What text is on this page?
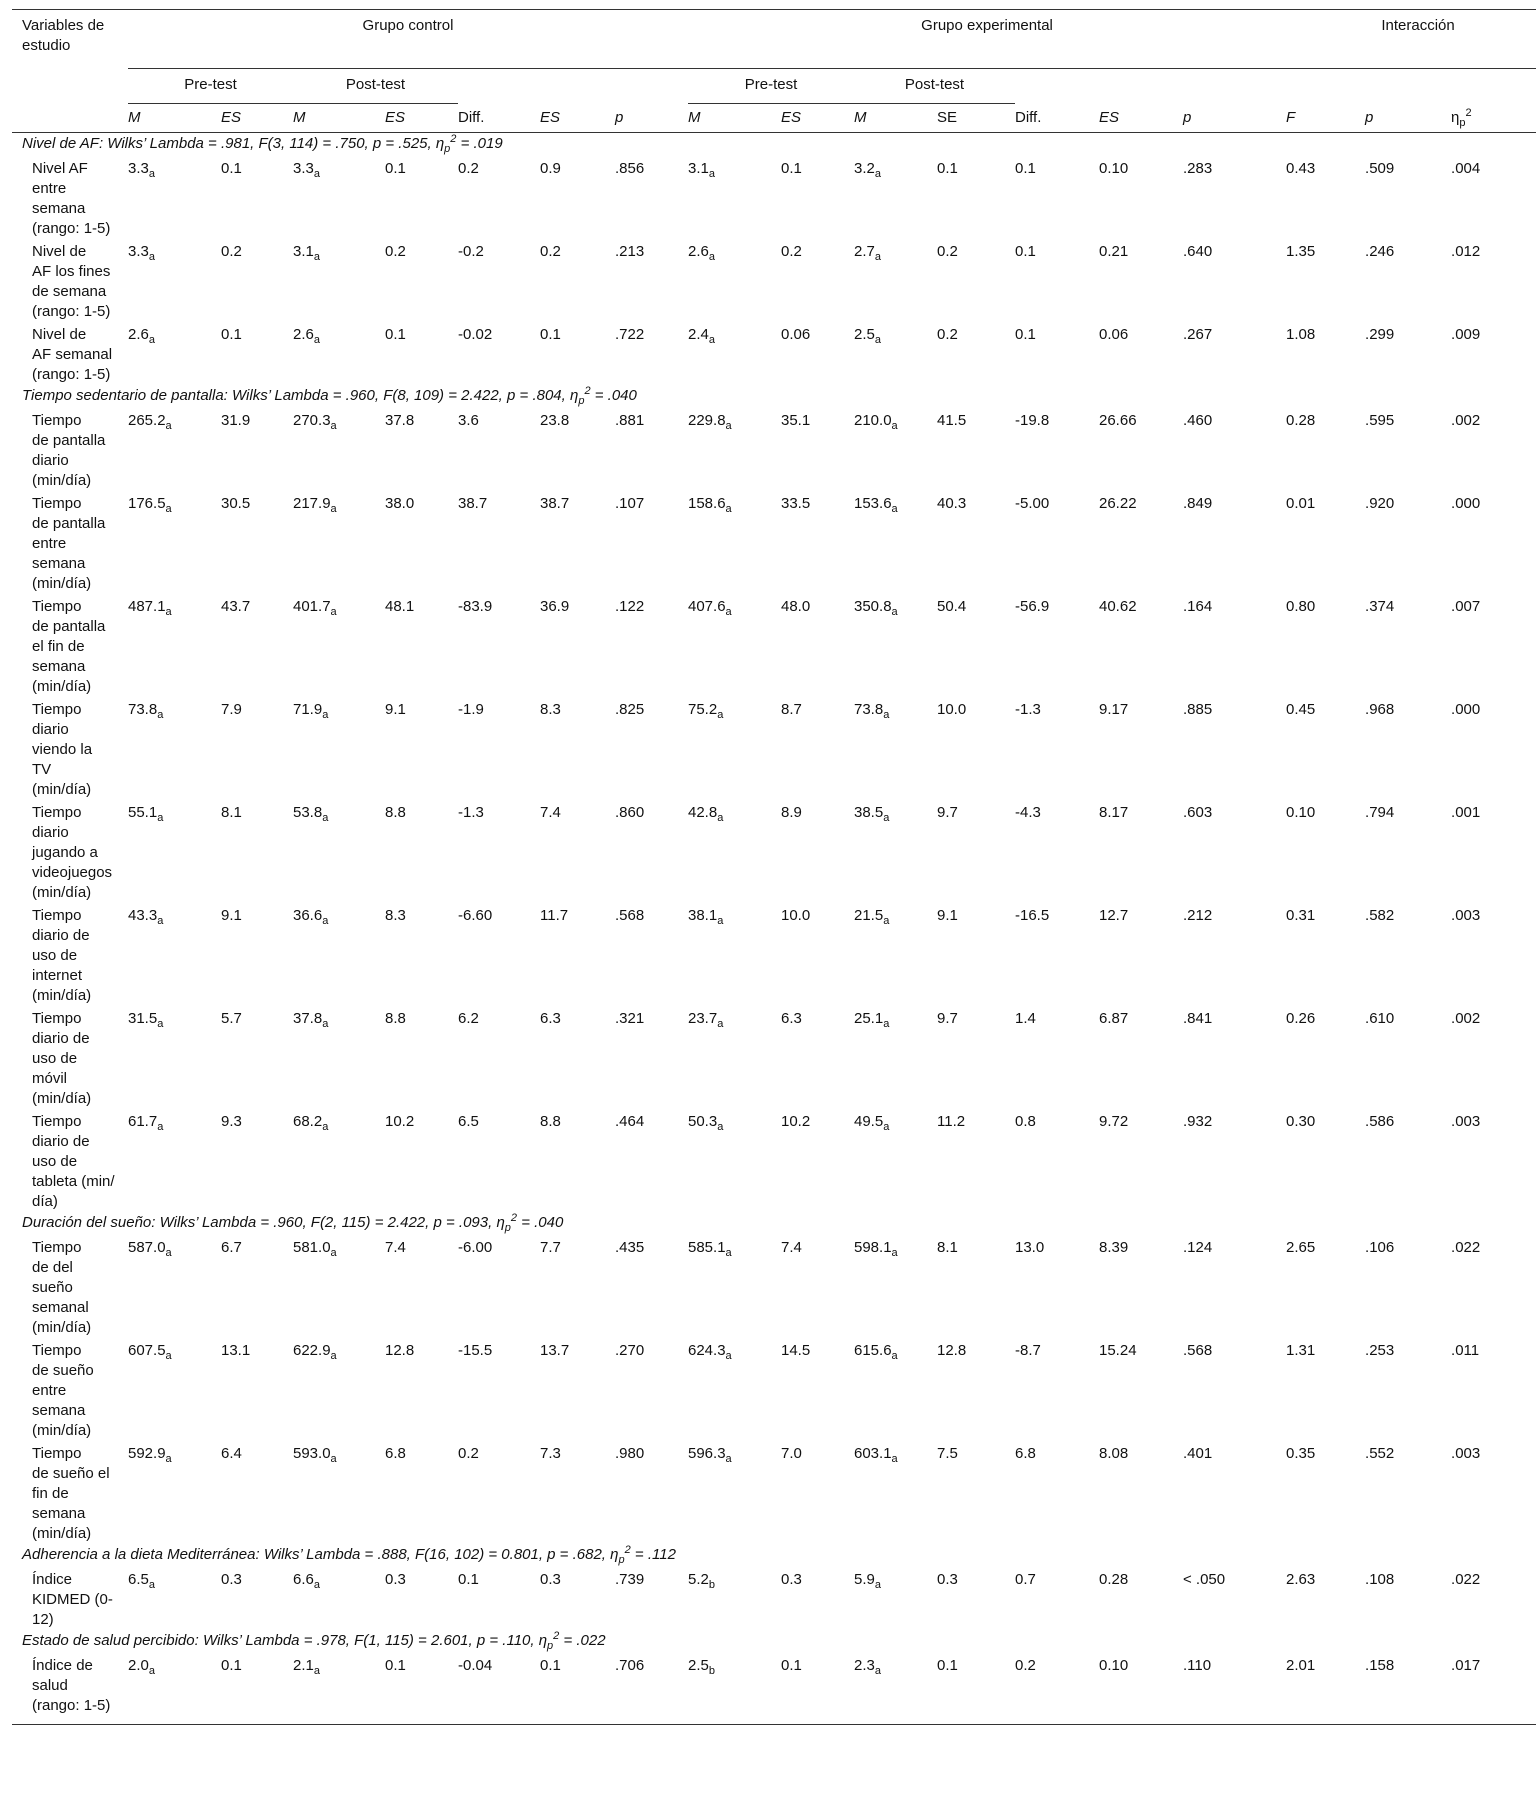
Variables de estudio	Grupo control							Grupo experimental							Interacción		
	Pre-test		Post-test					Pre-test		Post-test							
	M	ES	M	ES	Diff.	ES	p	M	ES	M	SE	Diff.	ES	p	F	p	$\eta_p^2$
Nivel de AF: Wilks’ Lambda = .981, F(3, 114) = .750, p = .525, $\eta_p^2 = .019$																	

Nivel AF
entre
semana
(rango: 1-5)	$3.3_a$	0.1	$3.3_a$	0.1	0.2	0.9	.856	$3.1_a$	0.1	$3.2_a$	0.1	0.1	0.10	.283	0.43	.509	.004

Nivel de
AF los fines
de semana
(rango: 1-5)	$3.3_a$	0.2	$3.1_a$	0.2	-0.2	0.2	.213	$2.6_a$	0.2	$2.7_a$	0.2	0.1	0.21	.640	1.35	.246	.012

Nivel de
AF semanal
(rango: 1-5)	$2.6_a$	0.1	$2.6_a$	0.1	-0.02	0.1	.722	$2.4_a$	0.06	$2.5_a$	0.2	0.1	0.06	.267	1.08	.299	.009
Tiempo sedentario de pantalla: Wilks’ Lambda = .960, F(8, 109) = 2.422, p = .804, $\eta_p^2 = .040$																	

Tiempo
de pantalla
diario
(min/día)	$265.2_a$	31.9	$270.3_a$	37.8	3.6	23.8	.881	$229.8_a$	35.1	$210.0_a$	41.5	-19.8	26.66	.460	0.28	.595	.002

Tiempo
de pantalla
entre
semana
(min/día)	$176.5_a$	30.5	$217.9_a$	38.0	38.7	38.7	.107	$158.6_a$	33.5	$153.6_a$	40.3	-5.00	26.22	.849	0.01	.920	.000

Tiempo
de pantalla
el fin de
semana
(min/día)	$487.1_a$	43.7	$401.7_a$	48.1	-83.9	36.9	.122	$407.6_a$	48.0	$350.8_a$	50.4	-56.9	40.62	.164	0.80	.374	.007

Tiempo
diario
viendo la
TV
(min/día)	$73.8_a$	7.9	$71.9_a$	9.1	-1.9	8.3	.825	$75.2_a$	8.7	$73.8_a$	10.0	-1.3	9.17	.885	0.45	.968	.000

Tiempo
diario
jugando a
videojuegos
(min/día)	$55.1_a$	8.1	$53.8_a$	8.8	-1.3	7.4	.860	$42.8_a$	8.9	$38.5_a$	9.7	-4.3	8.17	.603	0.10	.794	.001

Tiempo
diario de
uso de
internet
(min/día)	$43.3_a$	9.1	$36.6_a$	8.3	-6.60	11.7	.568	$38.1_a$	10.0	$21.5_a$	9.1	-16.5	12.7	.212	0.31	.582	.003

Tiempo
diario de
uso de
móvil
(min/día)	$31.5_a$	5.7	$37.8_a$	8.8	6.2	6.3	.321	$23.7_a$	6.3	$25.1_a$	9.7	1.4	6.87	.841	0.26	.610	.002

Tiempo
diario de
uso de
tableta (min/
día)	$61.7_a$	9.3	$68.2_a$	10.2	6.5	8.8	.464	$50.3_a$	10.2	$49.5_a$	11.2	0.8	9.72	.932	0.30	.586	.003
Duración del sueño: Wilks’ Lambda = .960, F(2, 115) = 2.422, p = .093, $\eta_p^2 = .040$																	

Tiempo
de del
sueño
semanal
(min/día)	$587.0_a$	6.7	$581.0_a$	7.4	-6.00	7.7	.435	$585.1_a$	7.4	$598.1_a$	8.1	13.0	8.39	.124	2.65	.106	.022

Tiempo
de sueño
entre
semana
(min/día)	$607.5_a$	13.1	$622.9_a$	12.8	-15.5	13.7	.270	$624.3_a$	14.5	$615.6_a$	12.8	-8.7	15.24	.568	1.31	.253	.011

Tiempo
de sueño el
fin de
semana
(min/día)	$592.9_a$	6.4	$593.0_a$	6.8	0.2	7.3	.980	$596.3_a$	7.0	$603.1_a$	7.5	6.8	8.08	.401	0.35	.552	.003
Adherencia a la dieta Mediterránea: Wilks’ Lambda = .888, F(16, 102) = 0.801, p = .682, $\eta_p^2 = .112$																	

Índice
KIDMED (0-
12)	$6.5_a$	0.3	$6.6_a$	0.3	0.1	0.3	.739	$5.2_b$	0.3	$5.9_a$	0.3	0.7	0.28	< .050	2.63	.108	.022
Estado de salud percibido: Wilks’ Lambda = .978, F(1, 115) = 2.601, p = .110, $\eta_p^2 = .022$																	

Índice de
salud
(rango: 1-5)	$2.0_a$	0.1	$2.1_a$	0.1	-0.04	0.1	.706	$2.5_b$	0.1	$2.3_a$	0.1	0.2	0.10	.110	2.01	.158	.017
